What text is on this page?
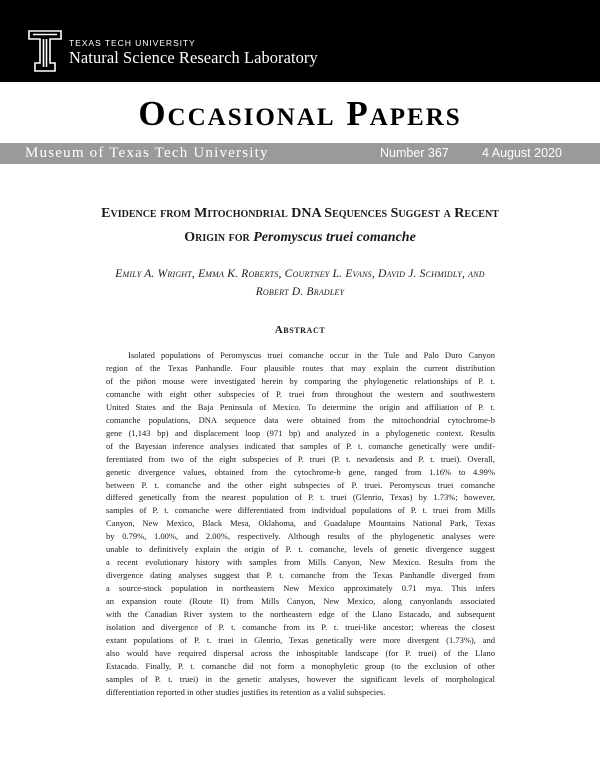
TEXAS TECH UNIVERSITY
Natural Science Research Laboratory
Occasional Papers
Museum of Texas Tech University	Number 367	4 August 2020
Evidence from Mitochondrial DNA Sequences Suggest a Recent
Origin for Peromyscus truei comanche
Emily A. Wright, Emma K. Roberts, Courtney L. Evans, David J. Schmidly, and
Robert D. Bradley
Abstract
Isolated populations of Peromyscus truei comanche occur in the Tule and Palo Duro Canyon
region of the Texas Panhandle. Four plausible routes that may explain the current distribution
of the piñon mouse were investigated herein by comparing the phylogenetic relationships of P. t.
comanche with eight other subspecies of P. truei from throughout the western and southwestern
United States and the Baja Peninsula of Mexico. To determine the origin and affiliation of P. t.
comanche populations, DNA sequence data were obtained from the mitochondrial cytochrome-b
gene (1,143 bp) and displacement loop (971 bp) and analyzed in a phylogenetic context. Results
of the Bayesian inference analyses indicated that samples of P. t. comanche genetically were undif-
ferentiated from two of the eight subspecies of P. truei (P. t. nevadensis and P. t. truei). Overall,
genetic divergence values, obtained from the cytochrome-b gene, ranged from 1.16% to 4.99%
between P. t. comanche and the other eight subspecies of P. truei. Peromyscus truei comanche
differed genetically from the nearest population of P. t. truei (Glenrio, Texas) by 1.73%; however,
samples of P. t. comanche were differentiated from individual populations of P. t. truei from Mills
Canyon, New Mexico, Black Mesa, Oklahoma, and Guadalupe Mountains National Park, Texas
by 0.79%, 1.00%, and 2.00%, respectively. Although results of the phylogenetic analyses were
unable to definitively explain the origin of P. t. comanche, levels of genetic divergence suggest
a recent evolutionary history with samples from Mills Canyon, New Mexico. Results from the
divergence dating analyses suggest that P. t. comanche from the Texas Panhandle diverged from
a source-stock population in northeastern New Mexico approximately 0.71 mya. This infers
an expansion route (Route II) from Mills Canyon, New Mexico, along canyonlands associated
with the Canadian River system to the northeastern edge of the Llano Estacado, and subsequent
isolation and divergence of P. t. comanche from its P. t. truei-like ancestor; whereas the closest
extant populations of P. t. truei in Glenrio, Texas genetically were more divergent (1.73%), and
also would have required dispersal across the inhospitable landscape (for P. truei) of the Llano
Estacado. Finally, P. t. comanche did not form a monophyletic group (to the exclusion of other
samples of P. t. truei) in the genetic analyses, however the significant levels of morphological
differentiation reported in other studies justifies its retention as a valid subspecies.
